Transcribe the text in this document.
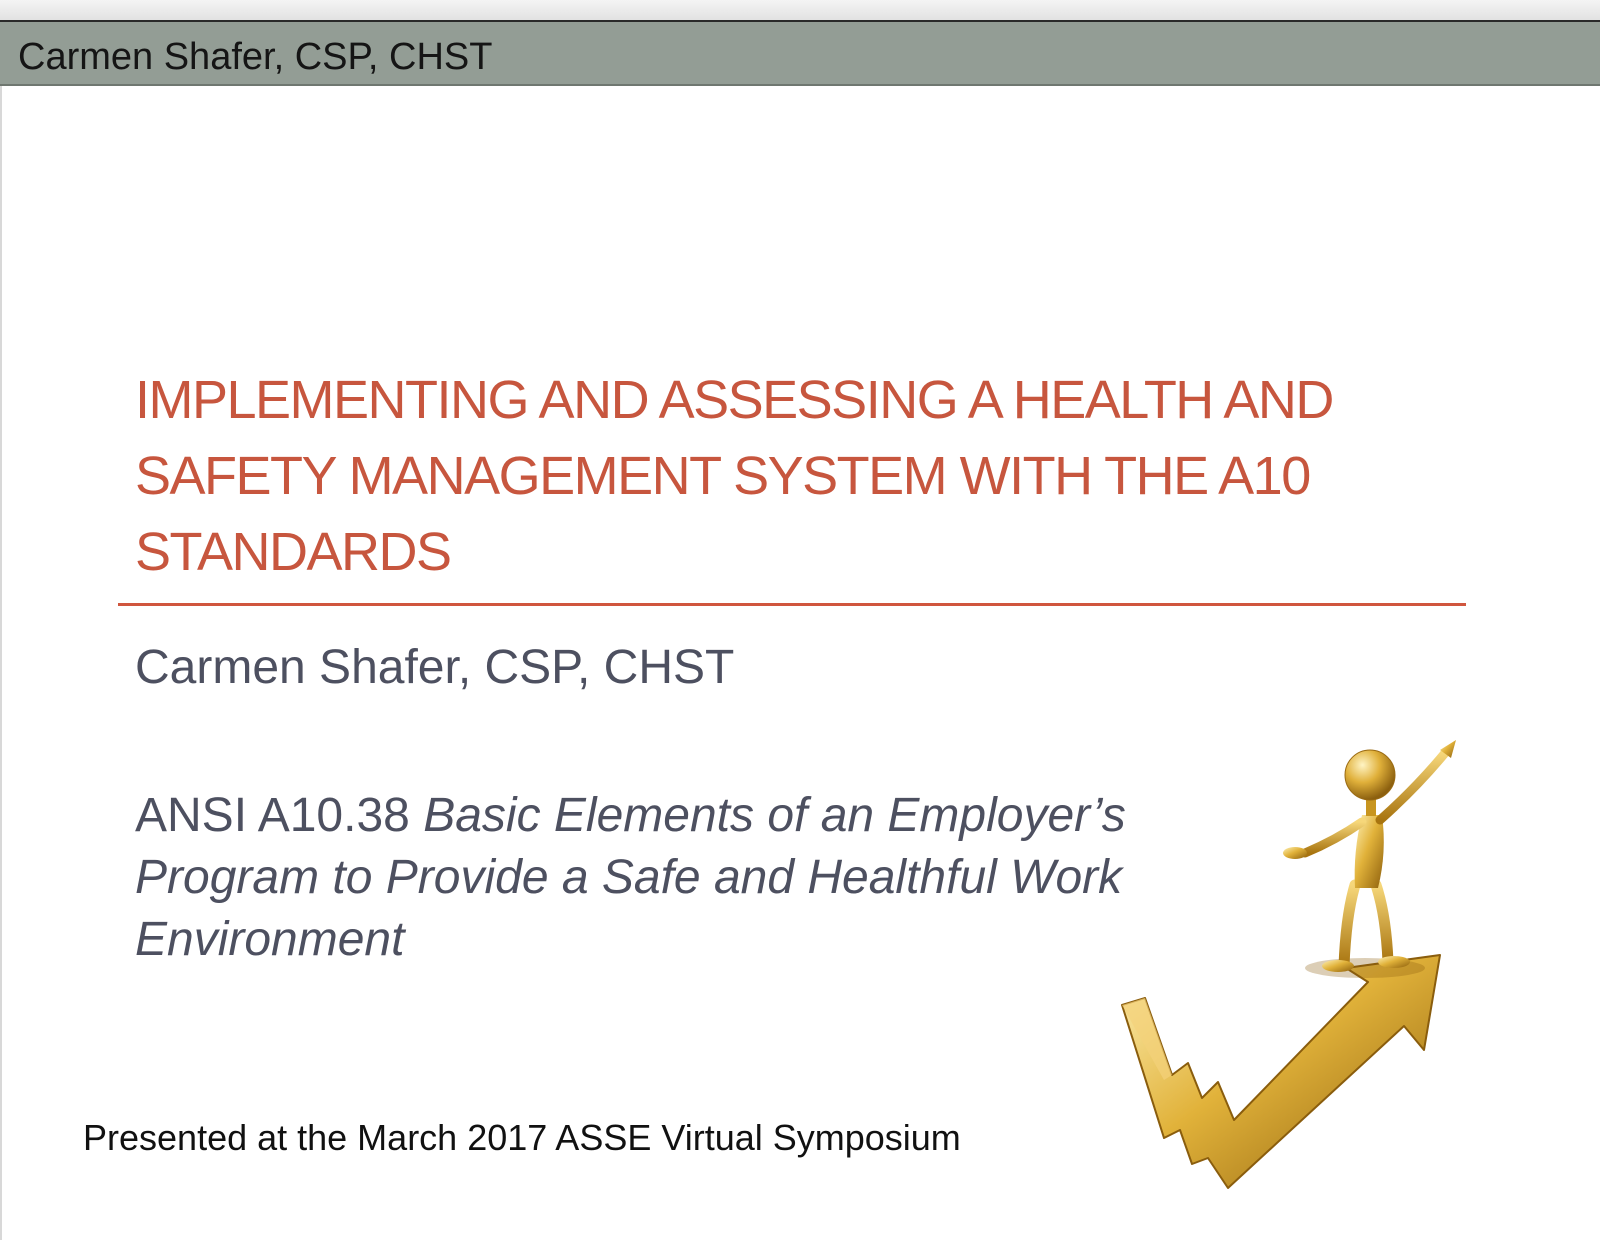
Carmen Shafer, CSP, CHST
IMPLEMENTING AND ASSESSING A HEALTH AND SAFETY MANAGEMENT SYSTEM WITH THE A10 STANDARDS
Carmen Shafer, CSP, CHST
ANSI A10.38 Basic Elements of an Employer’s Program to Provide a Safe and Healthful Work Environment
Presented at the March 2017 ASSE Virtual Symposium
